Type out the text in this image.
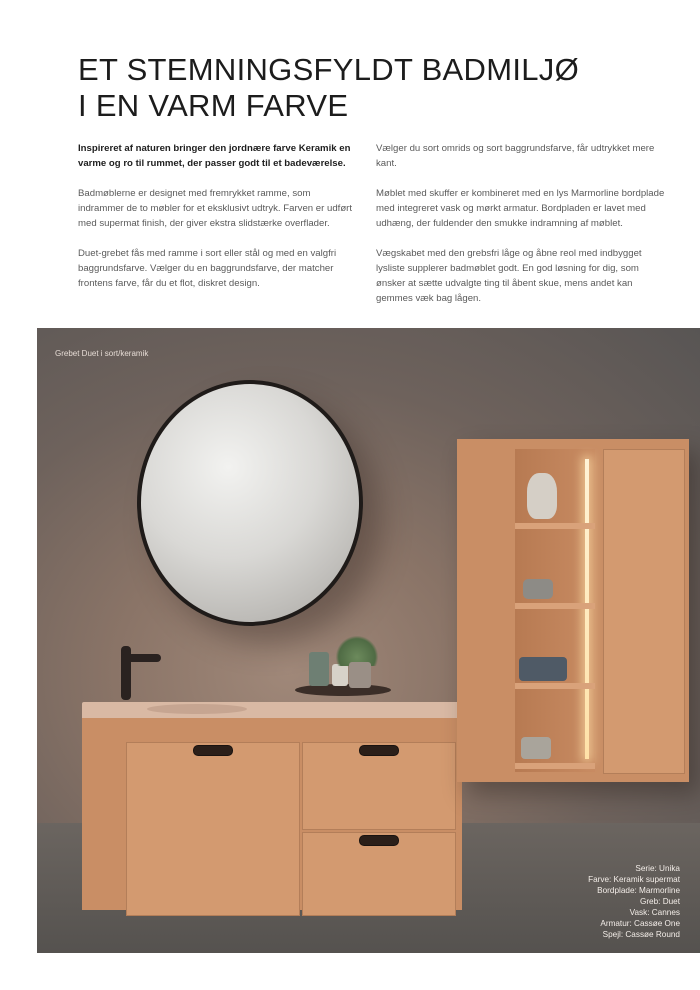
ET STEMNINGSFYLDT BADMILJØ
I EN VARM FARVE

Inspireret af naturen bringer den jordnære farve Keramik en varme og ro til rummet, der passer godt til et badeværelse.

Badmøblerne er designet med fremrykket ramme, som indrammer de to møbler for et eksklusivt udtryk. Farven er udført med supermat finish, der giver ekstra slidstærke overflader.

Duet-grebet fås med ramme i sort eller stål og med en valgfri baggrundsfarve. Vælger du en baggrundsfarve, der matcher frontens farve, får du et flot, diskret design.

Vælger du sort omrids og sort baggrundsfarve, får udtrykket mere kant.

Møblet med skuffer er kombineret med en lys Marmorline bordplade med integreret vask og mørkt armatur. Bordpladen er lavet med udhæng, der fuldender den smukke indramning af møblet.

Vægskabet med den grebsfri låge og åbne reol med indbygget lysliste supplerer badmøblet godt. En god løsning for dig, som ønsker at sætte udvalgte ting til åbent skue, mens andet kan gemmes væk bag lågen.

Grebet Duet i sort/keramik
Serie: Unika
Farve: Keramik supermat
Bordplade: Marmorline
Greb: Duet
Vask: Cannes
Armatur: Cassøe One
Spejl: Cassøe Round
